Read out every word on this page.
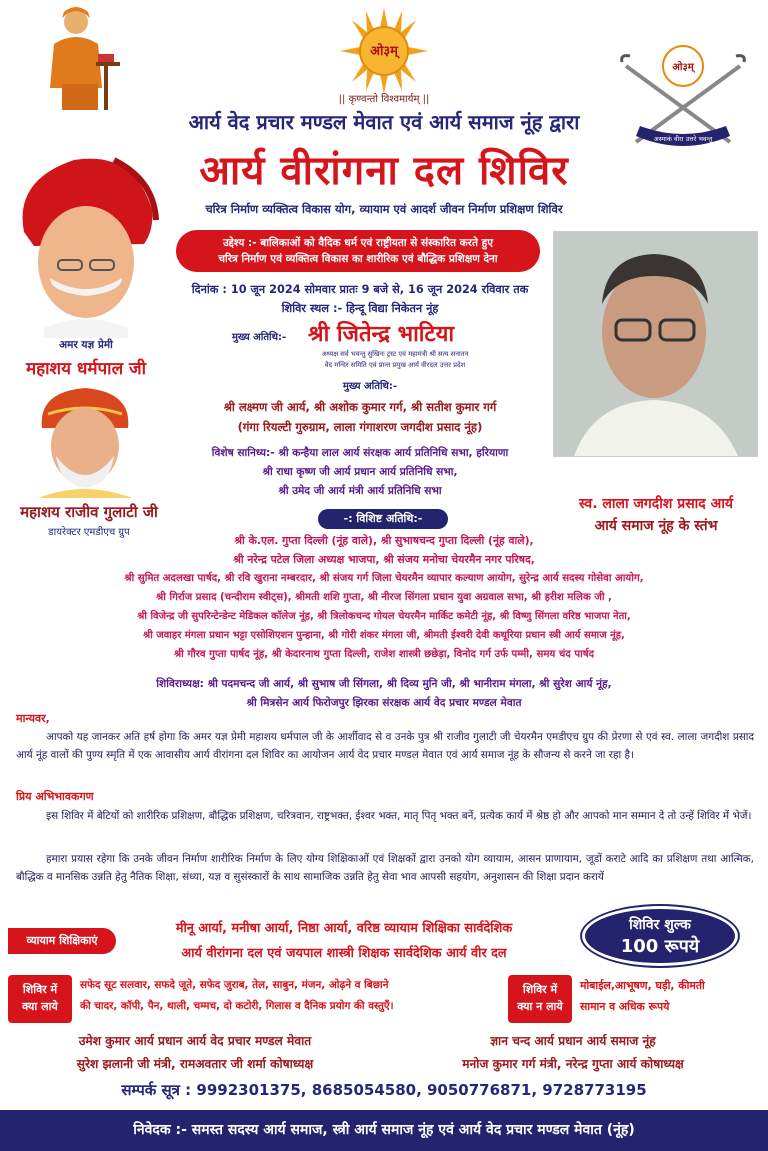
ओ३म्
|| कृण्वन्तो विश्वमार्यम् ||
ओ३म्
अस्माकं वीरा उत्तरे भवन्तु
आर्य वेद प्रचार मण्डल मेवात एवं आर्य समाज नूंह द्वारा
आर्य वीरांगना दल शिविर
चरित्र निर्माण व्यक्तित्व विकास योग, व्यायाम एवं आदर्श जीवन निर्माण प्रशिक्षण शिविर
अमर यज्ञ प्रेमी
महाशय धर्मपाल जी
महाशय राजीव गुलाटी जी
डायरेक्टर एमडीएच ग्रुप
स्व. लाला जगदीश प्रसाद आर्य
आर्य समाज नूंह के स्तंभ
उद्देश्य :- बालिकाओं को वैदिक धर्म एवं राष्ट्रीयता से संस्कारित करते हुए
चरित्र निर्माण एवं व्यक्तित्व विकास का शारीरिक एवं बौद्धिक प्रशिक्षण देना
दिनांक : 10 जून 2024 सोमवार प्रातः 9 बजे से, 16 जून 2024 रविवार तक
शिविर स्थल :- हिन्दू विद्या निकेतन नूंह
मुख्य अतिथि:- श्री जितेन्द्र भाटिया
अध्यक्ष सर्व भवन्तु सुखिनः ट्रस्ट एवं महामंत्री श्री सत्य सनातन
वेद मन्दिर समिति एवं प्रान्त प्रमुख आर्य वीरदल उत्तर प्रदेश
मुख्य अतिथि:-
श्री लक्ष्मण जी आर्य, श्री अशोक कुमार गर्ग, श्री सतीश कुमार गर्ग
(गंगा रियल्टी गुरुग्राम, लाला गंगाशरण जगदीश प्रसाद नूंह)
विशेष सानिध्य:- श्री कन्हैया लाल आर्य संरक्षक आर्य प्रतिनिधि सभा, हरियाणा
श्री राधा कृष्ण जी आर्य प्रधान आर्य प्रतिनिधि सभा,
श्री उमेद जी आर्य मंत्री आर्य प्रतिनिधि सभा
-: विशिष्ट अतिथि:-
श्री के.एल. गुप्ता दिल्ली (नूंह वाले), श्री सुभाषचन्द गुप्ता दिल्ली (नूंह वाले),
श्री नरेन्द्र पटेल जिला अध्यक्ष भाजपा, श्री संजय मनोचा चेयरमैन नगर परिषद,
श्री सुमित अदलखा पार्षद, श्री रवि खुराना नम्बरदार, श्री संजय गर्ग जिला चेयरमैन व्यापार कल्याण आयोग, सुरेन्द्र आर्य सदस्य गोसेवा आयोग,
श्री गिर्राज प्रसाद (चन्दीराम स्वीट्स), श्रीमती शशि गुप्ता, श्री नीरज सिंगला प्रधान युवा अग्रवाल सभा, श्री हरीश मलिक जी ,
श्री विजेन्द्र जी सुपरिन्टेन्डेन्ट मेडिकल कॉलेज नूंह, श्री त्रिलोकचन्द गोयल चेयरमैन मार्किट कमेटी नूंह, श्री विष्णु सिंगला वरिष्ठ भाजपा नेता,
श्री जवाहर मंगला प्रधान भट्टा एसोशिएशन पुन्हाना, श्री गोरी शंकर मंगला जी, श्रीमती ईश्वरी देवी कथूरिया प्रधान स्त्री आर्य समाज नूंह,
श्री गौरव गुप्ता पार्षद नूंह, श्री केदारनाथ गुप्ता दिल्ली, राजेश शास्त्री छछेड़ा, विनोद गर्ग उर्फ पम्मी, समय चंद पार्षद
शिविराध्यक्ष: श्री पदमचन्द जी आर्य, श्री सुभाष जी सिंगला, श्री दिव्य मुनि जी, श्री भानीराम मंगला, श्री सुरेश आर्य नूंह,
श्री मित्रसेन आर्य फिरोजपुर झिरका संरक्षक आर्य वेद प्रचार मण्डल मेवात
मान्यवर,
आपको यह जानकर अति हर्ष होगा कि अमर यज्ञ प्रेमी महाशय धर्मपाल जी के आर्शीवाद से व उनके पुत्र श्री राजीव गुलाटी जी चेयरमैन एमडीएच ग्रुप की प्रेरणा से एवं स्व. लाला जगदीश प्रसाद आर्य नूंह वालों की पुण्य स्मृति में एक आवासीय आर्य वीरांगना दल शिविर का आयोजन आर्य वेद प्रचार मण्डल मेवात एवं आर्य समाज नूंह के सौजन्य से करने जा रहा है।
प्रिय अभिभावकगण
इस शिविर में बेटियों को शारीरिक प्रशिक्षण, बौद्धिक प्रशिक्षण, चरित्रवान, राष्ट्रभक्त, ईश्वर भक्त, मातृ पितृ भक्त बनें, प्रत्येक कार्य में श्रेष्ठ हो और आपको मान सम्मान दे तो उन्हें शिविर में भेजें।
हमारा प्रयास रहेगा कि उनके जीवन निर्माण शारीरिक निर्माण के लिए योग्य शिक्षिकाओं एवं शिक्षकों द्वारा उनको योग व्यायाम, आसन प्राणायाम, जूडों कराटे आदि का प्रशिक्षण तथा आत्मिक, बौद्धिक व मानसिक उन्नति हेतु नैतिक शिक्षा, संध्या, यज्ञ व सुसंस्कारों के साथ सामाजिक उन्नति हेतु सेवा भाव आपसी सहयोग, अनुशासन की शिक्षा प्रदान करायें
व्यायाम शिक्षिकाएं
मीनू आर्या, मनीषा आर्या, निष्ठा आर्या, वरिष्ठ व्यायाम शिक्षिका सार्वदेशिक
आर्य वीरांगना दल एवं जयपाल शास्त्री शिक्षक सार्वदेशिक आर्य वीर दल
शिविर शुल्क
100 रूपये
शिविर में
क्या लाये
सफेद सूट सलवार, सफदे जूते, सफेद जुराब, तेल, साबुन, मंजन, ओढ़ने व बिछाने
की चादर, कॉपी, पैन, थाली, चम्मच, दो कटोरी, गिलास व दैनिक प्रयोग की वस्तुएँ।
शिविर में
क्या न लाये
मोबाईल,आभूषण, घड़ी, कीमती
सामान व अधिक रूपये
उमेश कुमार आर्य प्रधान आर्य वेद प्रचार मण्डल मेवात
सुरेश झलानी जी मंत्री, रामअवतार जी शर्मा कोषाध्यक्ष
ज्ञान चन्द आर्य प्रधान आर्य समाज नूंह
मनोज कुमार गर्ग मंत्री, नरेन्द्र गुप्ता आर्य कोषाध्यक्ष
सम्पर्क सूत्र : 9992301375, 8685054580, 9050776871, 9728773195
निवेदक :- समस्त सदस्य आर्य समाज, स्त्री आर्य समाज नूंह एवं आर्य वेद प्रचार मण्डल मेवात (नूंह)
